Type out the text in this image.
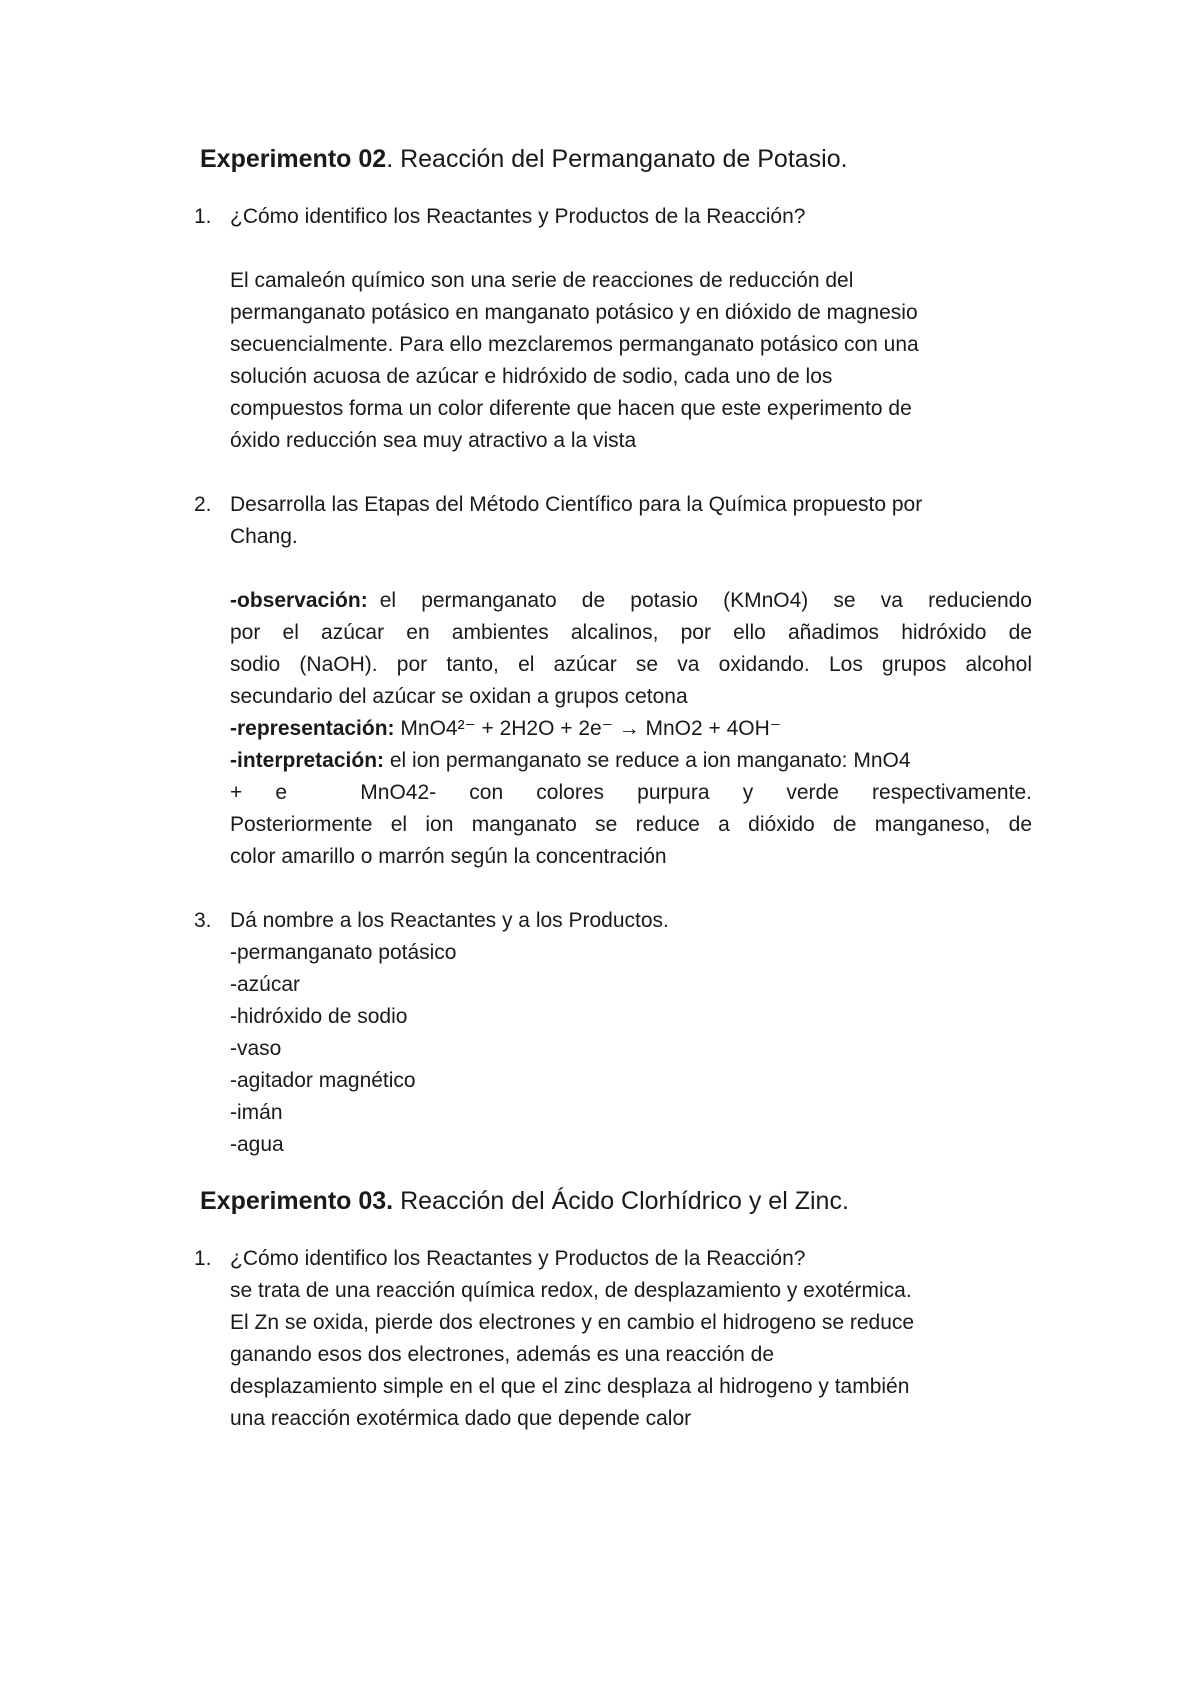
Experimento 02. Reacción del Permanganato de Potasio.
1. ¿Cómo identifico los Reactantes y Productos de la Reacción?
El camaleón químico son una serie de reacciones de reducción del
permanganato potásico en manganato potásico y en dióxido de magnesio
secuencialmente. Para ello mezclaremos permanganato potásico con una
solución acuosa de azúcar e hidróxido de sodio, cada uno de los
compuestos forma un color diferente que hacen que este experimento de
óxido reducción sea muy atractivo a la vista
2. Desarrolla las Etapas del Método Científico para la Química propuesto por
Chang.
-observación: el permanganato de potasio (KMnO4) se va reduciendo
por el azúcar en ambientes alcalinos, por ello añadimos hidróxido de
sodio (NaOH). por tanto, el azúcar se va oxidando. Los grupos alcohol
secundario del azúcar se oxidan a grupos cetona
-representación: MnO4²⁻ + 2H2O + 2e⁻ → MnO2 + 4OH⁻
-interpretación: el ion permanganato se reduce a ion manganato: MnO4
+ e	MnO42- con colores purpura y verde respectivamente.
Posteriormente el ion manganato se reduce a dióxido de manganeso, de
color amarillo o marrón según la concentración
3. Dá nombre a los Reactantes y a los Productos.
-permanganato potásico
-azúcar
-hidróxido de sodio
-vaso
-agitador magnético
-imán
-agua
Experimento 03. Reacción del Ácido Clorhídrico y el Zinc.
1. ¿Cómo identifico los Reactantes y Productos de la Reacción?
se trata de una reacción química redox, de desplazamiento y exotérmica.
El Zn se oxida, pierde dos electrones y en cambio el hidrogeno se reduce
ganando esos dos electrones, además es una reacción de
desplazamiento simple en el que el zinc desplaza al hidrogeno y también
una reacción exotérmica dado que depende calor
